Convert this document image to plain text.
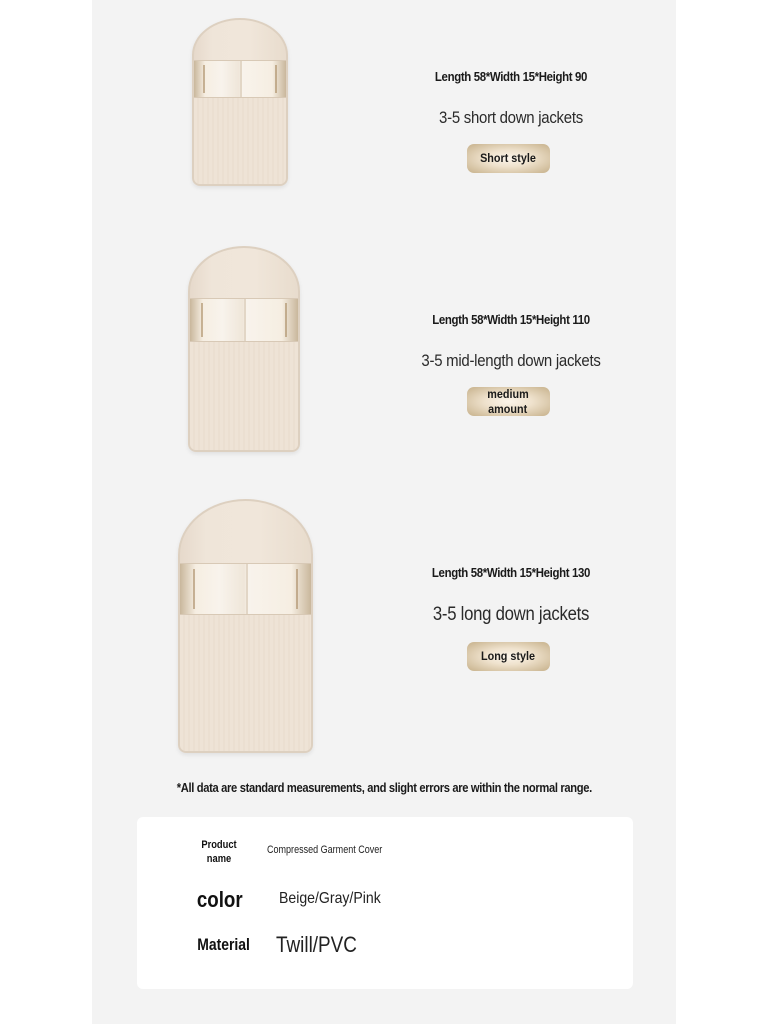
Length 58*Width 15*Height 90
3-5 short down jackets
Short style
Length 58*Width 15*Height 110
3-5 mid-length down jackets
medium
amount
Length 58*Width 15*Height 130
3-5 long down jackets
Long style
*All data are standard measurements, and slight errors are within the normal range.
Product
name
Compressed Garment Cover
color Beige/Gray/Pink
Material Twill/PVC
